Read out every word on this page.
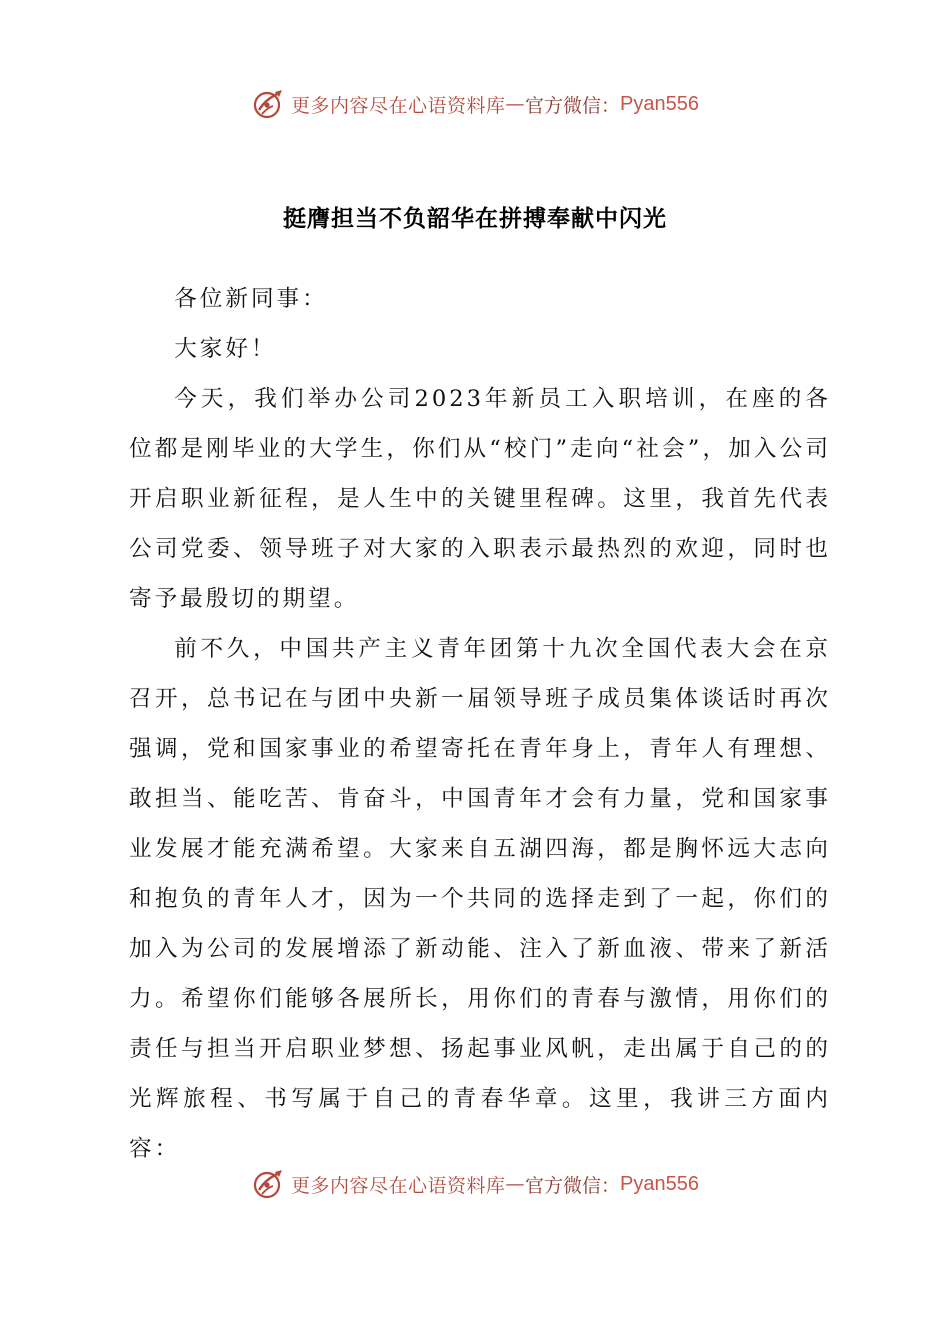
更多内容尽在心语资料库 — 官方微信： Pyan556
挺膺担当不负韶华在拼搏奉献中闪光

各位新同事：

大家好！

今天，我们举办公司2023年新员工入职培训，在座的各位都是刚毕业的大学生，你们从“校门”走向“社会”，加入公司开启职业新征程，是人生中的关键里程碑。这里，我首先代表公司党委、领导班子对大家的入职表示最热烈的欢迎，同时也寄予最殷切的期望。

前不久，中国共产主义青年团第十九次全国代表大会在京召开，总书记在与团中央新一届领导班子成员集体谈话时再次强调，党和国家事业的希望寄托在青年身上，青年人有理想、敢担当、能吃苦、肯奋斗，中国青年才会有力量，党和国家事业发展才能充满希望。大家来自五湖四海，都是胸怀远大志向和抱负的青年人才，因为一个共同的选择走到了一起，你们的加入为公司的发展增添了新动能、注入了新血液、带来了新活力。希望你们能够各展所长，用你们的青春与激情，用你们的责任与担当开启职业梦想、扬起事业风帆，走出属于自己的的光辉旅程、书写属于自己的青春华章。这里，我讲三方面内容：

更多内容尽在心语资料库 — 官方微信： Pyan556
